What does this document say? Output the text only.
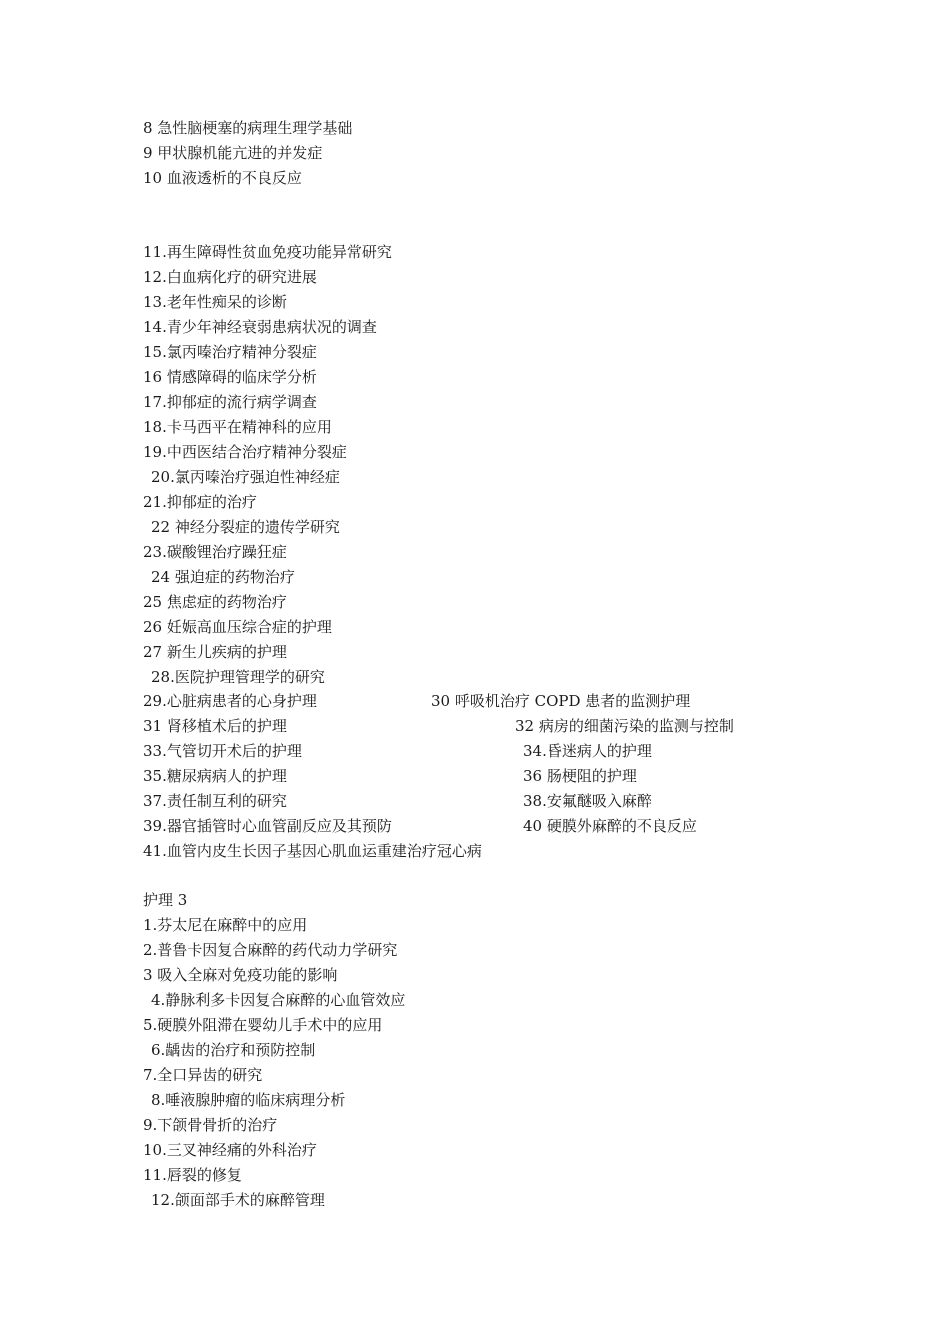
8 急性脑梗塞的病理生理学基础
9 甲状腺机能亢进的并发症
10 血液透析的不良反应
11.再生障碍性贫血免疫功能异常研究
12.白血病化疗的研究进展
13.老年性痴呆的诊断
14.青少年神经衰弱患病状况的调查
15.氯丙嗪治疗精神分裂症
16 情感障碍的临床学分析
17.抑郁症的流行病学调查
18.卡马西平在精神科的应用
19.中西医结合治疗精神分裂症
20.氯丙嗪治疗强迫性神经症
21.抑郁症的治疗
22 神经分裂症的遗传学研究
23.碳酸锂治疗躁狂症
24 强迫症的药物治疗
25 焦虑症的药物治疗
26 妊娠高血压综合症的护理
27 新生儿疾病的护理
28.医院护理管理学的研究
29.心脏病患者的心身护理	30 呼吸机治疗 COPD 患者的监测护理
31 肾移植术后的护理	32 病房的细菌污染的监测与控制
33.气管切开术后的护理	34.昏迷病人的护理
35.糖尿病病人的护理	36 肠梗阻的护理
37.责任制互利的研究	38.安氟醚吸入麻醉
39.器官插管时心血管副反应及其预防	40 硬膜外麻醉的不良反应
41.血管内皮生长因子基因心肌血运重建治疗冠心病
护理 3
1.芬太尼在麻醉中的应用
2.普鲁卡因复合麻醉的药代动力学研究
3 吸入全麻对免疫功能的影响
4.静脉利多卡因复合麻醉的心血管效应
5.硬膜外阻滞在婴幼儿手术中的应用
6.龋齿的治疗和预防控制
7.全口异齿的研究
8.唾液腺肿瘤的临床病理分析
9.下颌骨骨折的治疗
10.三叉神经痛的外科治疗
11.唇裂的修复
12.颌面部手术的麻醉管理
